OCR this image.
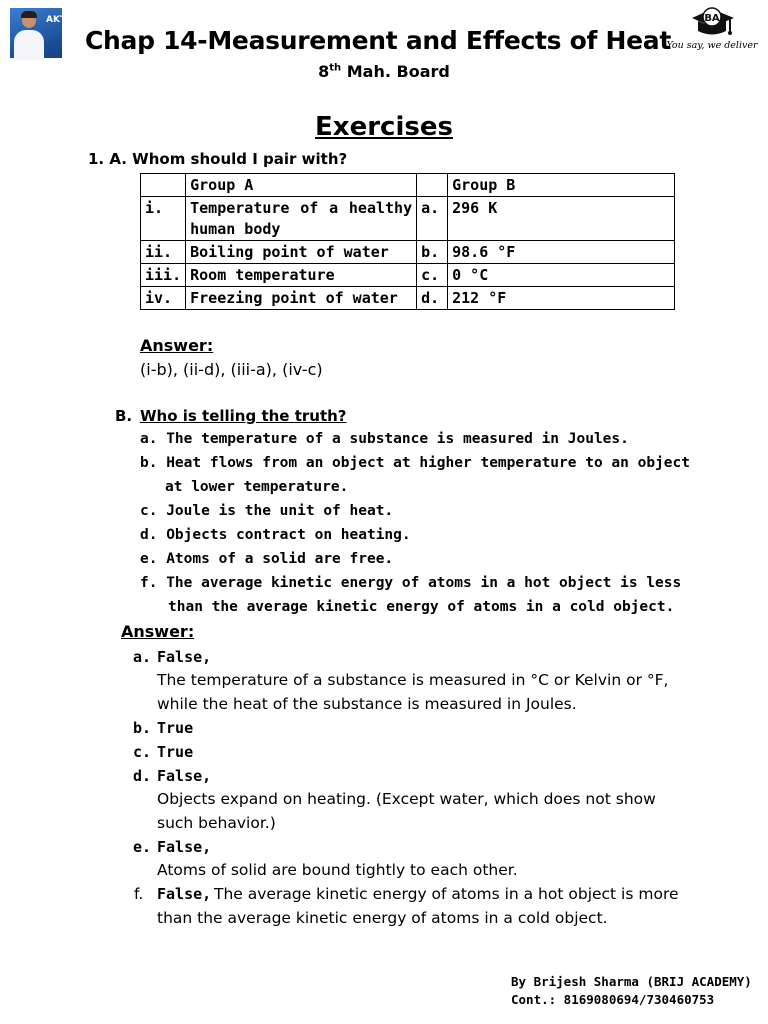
AKT
Chap 14-Measurement and Effects of Heat
8th Mah. Board
BA
You say, we deliver
Exercises
1. A. Whom should I pair with?
	Group A		Group B
i.	Temperature of a healthy human body	a.	296 K
ii.	Boiling point of water	b.	98.6 °F
iii.	Room temperature	c.	0 °C
iv.	Freezing point of water	d.	212 °F
Answer:
(i-b), (ii-d), (iii-a), (iv-c)
B. Who is telling the truth?
a. The temperature of a substance is measured in Joules.
b. Heat flows from an object at higher temperature to an object
at lower temperature.
c. Joule is the unit of heat.
d. Objects contract on heating.
e. Atoms of a solid are free.
f. The average kinetic energy of atoms in a hot object is less
than the average kinetic energy of atoms in a cold object.
Answer:
a. False,
The temperature of a substance is measured in °C or Kelvin or °F,
while the heat of the substance is measured in Joules.
b. True
c. True
d. False,
Objects expand on heating. (Except water, which does not show
such behavior.)
e. False,
Atoms of solid are bound tightly to each other.
f. False, The average kinetic energy of atoms in a hot object is more
than the average kinetic energy of atoms in a cold object.
By Brijesh Sharma (BRIJ ACADEMY)
Cont.: 8169080694/730460753
